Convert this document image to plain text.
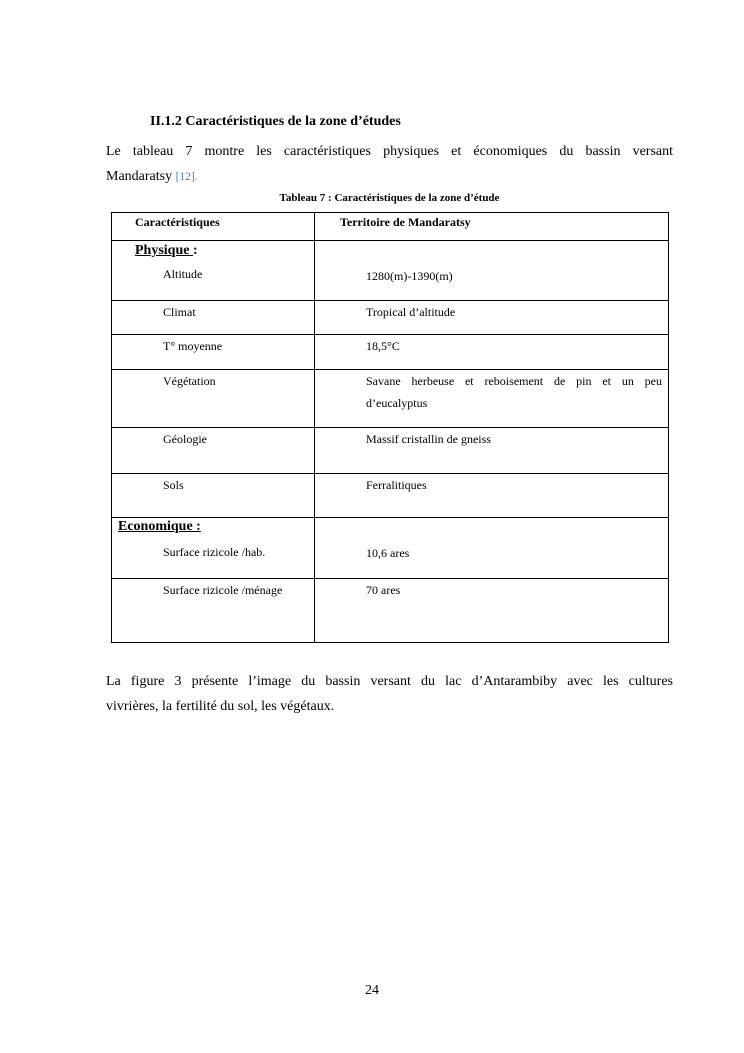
II.1.2 Caractéristiques de la zone d’études
Le tableau 7 montre les caractéristiques physiques et économiques du bassin versant
Mandaratsy [12].
Tableau 7 : Caractéristiques de la zone d’étude
Caractéristiques	Territoire de Mandaratsy

Physique :
Altitude	1280(m)-1390(m)

Climat	Tropical d’altitude

T° moyenne	18,5°C

Végétation	Savane herbeuse et reboisement de pin et un peu d’eucalyptus

Géologie	Massif cristallin de gneiss

Sols	Ferralitiques

Economique :
Surface rizicole /hab.	10,6 ares

Surface rizicole /ménage	70 ares
La figure 3 présente l’image du bassin versant du lac d’Antarambiby avec les cultures
vivrières, la fertilité du sol, les végétaux.
24
